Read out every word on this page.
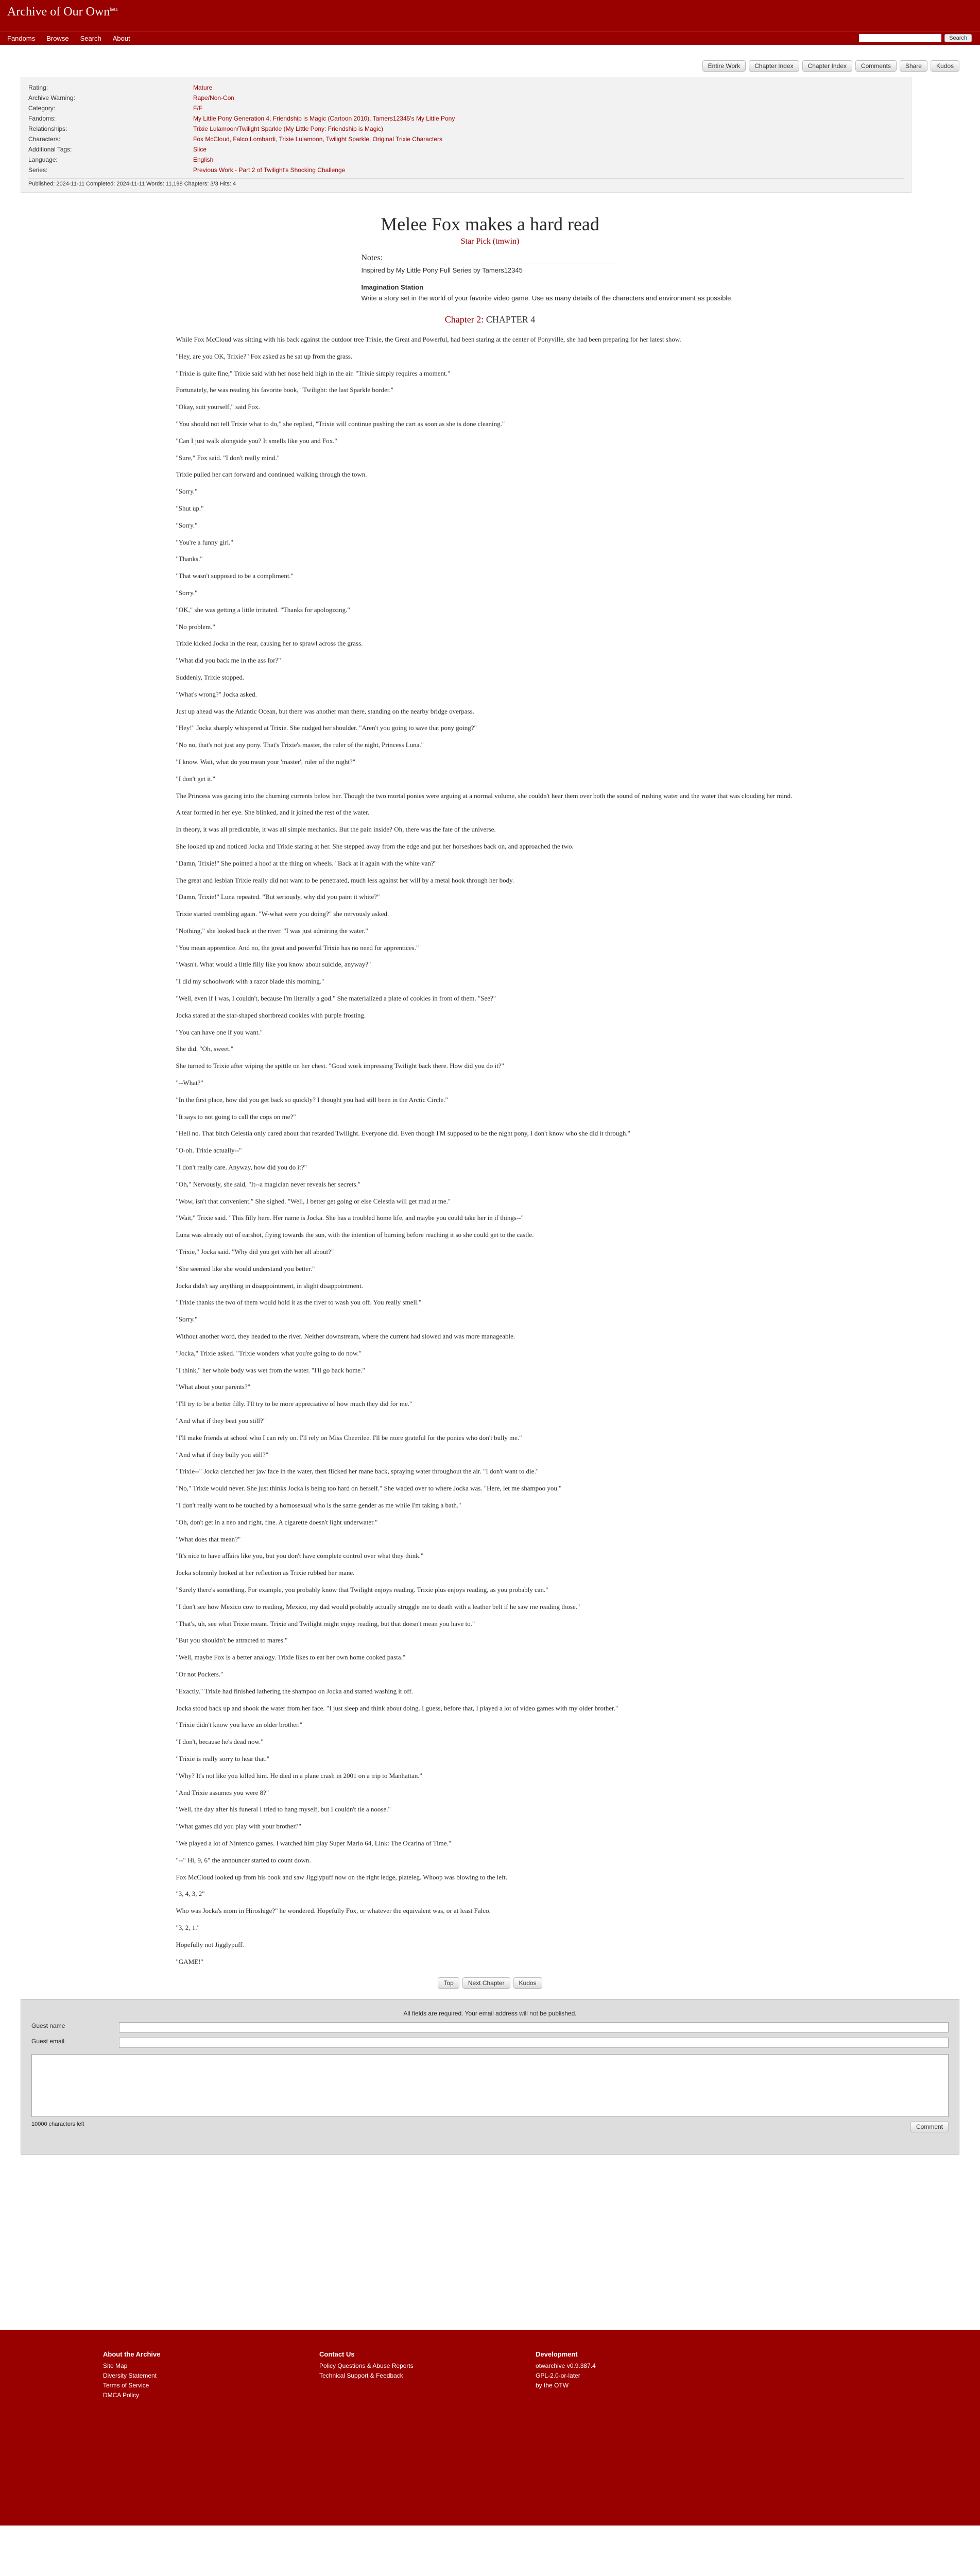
Archive of Our Own$^{beta}$
Fandoms Browse Search About	Search
Entire Work	Chapter Index	Chapter Index	Comments	Share	Kudos
Rating:	Mature
Archive Warning:	Rape/Non-Con
Category:	F/F
Fandoms:	My Little Pony Generation 4, Friendship is Magic (Cartoon 2010), Tamers12345's My Little Pony
Relationships:	Trixie Lulamoon/Twilight Sparkle (My Little Pony: Friendship is Magic)
Characters:	Fox McCloud, Falco Lombardi, Trixie Lulamoon, Twilight Sparkle, Original Trixie Characters
Additional Tags:	Slice
Language:	English
Series:	Previous Work - Part 2 of Twilight's Shocking Challenge
Published: 2024-11-11 Completed: 2024-11-11 Words: 11,198 Chapters: 3/3 Hits: 4
Melee Fox makes a hard read
Star Pick (tmwin)
Notes:
Inspired by My Little Pony Full Series by Tamers12345
Imagination Station
Write a story set in the world of your favorite video game. Use as many details of the characters and environment as possible.
Chapter 2: CHAPTER 4

While Fox McCloud was sitting with his back against the outdoor tree Trixie, the Great and Powerful, had been staring at the center of Ponyville, she had been preparing for her latest show.

"Hey, are you OK, Trixie?" Fox asked as he sat up from the grass.

"Trixie is quite fine," Trixie said with her nose held high in the air. "Trixie simply requires a moment."

Fortunately, he was reading his favorite book, "Twilight: the last Sparkle border."

"Okay, suit yourself," said Fox.

"You should not tell Trixie what to do," she replied, "Trixie will continue pushing the cart as soon as she is done cleaning."

"Can I just walk alongside you? It smells like you and Fox."

"Sure," Fox said. "I don't really mind."

Trixie pulled her cart forward and continued walking through the town.

"Sorry."

"Shut up."

"Sorry."

"You're a funny girl."

"Thanks."

"That wasn't supposed to be a compliment."

"Sorry."

"OK," she was getting a little irritated. "Thanks for apologizing."

"No problem."

Trixie kicked Jocka in the rear, causing her to sprawl across the grass.

"What did you back me in the ass for?"

Suddenly, Trixie stopped.

"What's wrong?" Jocka asked.

Just up ahead was the Atlantic Ocean, but there was another man there, standing on the nearby bridge overpass.

"Hey!" Jocka sharply whispered at Trixie. She nudged her shoulder. "Aren't you going to save that pony going?"

"No no, that's not just any pony. That's Trixie's master, the ruler of the night, Princess Luna."

"I know. Wait, what do you mean your 'master', ruler of the night?"

"I don't get it."

The Princess was gazing into the churning currents below her. Though the two mortal ponies were arguing at a normal volume, she couldn't hear them over both the sound of rushing water and the water that was clouding her mind.

A tear formed in her eye. She blinked, and it joined the rest of the water.

In theory, it was all predictable, it was all simple mechanics. But the pain inside? Oh, there was the fate of the universe.

She looked up and noticed Jocka and Trixie staring at her. She stepped away from the edge and put her horseshoes back on, and approached the two.

"Damn, Trixie!" She pointed a hoof at the thing on wheels. "Back at it again with the white van?"

The great and lesbian Trixie really did not want to be penetrated, much less against her will by a metal hook through her body.

"Damn, Trixie!" Luna repeated. "But seriously, why did you paint it white?"

Trixie started trembling again. "W-what were you doing?" she nervously asked.

"Nothing," she looked back at the river. "I was just admiring the water."

"You mean apprentice. And no, the great and powerful Trixie has no need for apprentices."

"Wasn't. What would a little filly like you know about suicide, anyway?"

"I did my schoolwork with a razor blade this morning."

"Well, even if I was, I couldn't, because I'm literally a god." She materialized a plate of cookies in front of them. "See?"

Jocka stared at the star-shaped shortbread cookies with purple frosting.

"You can have one if you want."

She did. "Oh, sweet."

She turned to Trixie after wiping the spittle on her chest. "Good work impressing Twilight back there. How did you do it?"

"--What?"

"In the first place, how did you get back so quickly? I thought you had still been in the Arctic Circle."

"It says to not going to call the cops on me?"

"Hell no. That bitch Celestia only cared about that retarded Twilight. Everyone did. Even though I'M supposed to be the night pony, I don't know who she did it through."

"O-oh. Trixie actually--"

"I don't really care. Anyway, how did you do it?"

"Oh," Nervously, she said, "It--a magician never reveals her secrets."

"Wow, isn't that convenient." She sighed. "Well, I better get going or else Celestia will get mad at me."

"Wait," Trixie said. "This filly here. Her name is Jocka. She has a troubled home life, and maybe you could take her in if things--"

Luna was already out of earshot, flying towards the sun, with the intention of burning before reaching it so she could get to the castle.

"Trixie," Jocka said. "Why did you get with her all about?"

"She seemed like she would understand you better."

Jocka didn't say anything in disappointment, in slight disappointment.

"Trixie thanks the two of them would hold it as the river to wash you off. You really smell."

"Sorry."

Without another word, they headed to the river. Neither downstream, where the current had slowed and was more manageable.

"Jocka," Trixie asked. "Trixie wonders what you're going to do now."

"I think," her whole body was wet from the water. "I'll go back home."

"What about your parents?"

"I'll try to be a better filly. I'll try to be more appreciative of how much they did for me."

"And what if they beat you still?"

"I'll make friends at school who I can rely on. I'll rely on Miss Cheerilee. I'll be more grateful for the ponies who don't bully me."

"And what if they bully you still?"

"Trixie--" Jocka clenched her jaw face in the water, then flicked her mane back, spraying water throughout the air. "I don't want to die."

"No," Trixie would never. She just thinks Jocka is being too hard on herself." She waded over to where Jocka was. "Here, let me shampoo you."

"I don't really want to be touched by a homosexual who is the same gender as me while I'm taking a bath."

"Oh, don't get in a neo and right, fine. A cigarette doesn't light underwater."

"What does that mean?"

"It's nice to have affairs like you, but you don't have complete control over what they think."

Jocka solemnly looked at her reflection as Trixie rubbed her mane.

"Surely there's something. For example, you probably know that Twilight enjoys reading. Trixie plus enjoys reading, as you probably can."

"I don't see how Mexico cow to reading, Mexico, my dad would probably actually struggle me to death with a leather belt if he saw me reading those."

"That's, uh, see what Trixie meant. Trixie and Twilight might enjoy reading, but that doesn't mean you have to."

"But you shouldn't be attracted to mares."

"Well, maybe Fox is a better analogy. Trixie likes to eat her own home cooked pasta."

"Or not Pockers."

"Exactly." Trixie had finished lathering the shampoo on Jocka and started washing it off.

Jocka stood back up and shook the water from her face. "I just sleep and think about doing. I guess, before that, I played a lot of video games with my older brother."

"Trixie didn't know you have an older brother."

"I don't, because he's dead now."

"Trixie is really sorry to hear that."

"Why? It's not like you killed him. He died in a plane crash in 2001 on a trip to Manhattan."

"And Trixie assumes you were 8?"

"Well, the day after his funeral I tried to hang myself, but I couldn't tie a noose."

"What games did you play with your brother?"

"We played a lot of Nintendo games. I watched him play Super Mario 64, Link: The Ocarina of Time."

"--" Hi, 9, 6" the announcer started to count down.

Fox McCloud looked up from his book and saw Jigglypuff now on the right ledge, plateleg. Whoop was blowing to the left.

"3, 4, 3, 2"

Who was Jocka's mom in Hiroshige?" he wondered. Hopefully Fox, or whatever the equivalent was, or at least Falco.

"3, 2, 1."

Hopefully not Jigglypuff.

"GAME!"

Top	Next Chapter	Kudos
All fields are required. Your email address will not be published.
Guest name
Guest email
10000 characters left	Comment
About the Archive
Site Map
Diversity Statement
Terms of Service
DMCA Policy
Contact Us
Policy Questions & Abuse Reports
Technical Support & Feedback
Development
otwarchive v0.9.387.4
GPL-2.0-or-later
by the OTW
